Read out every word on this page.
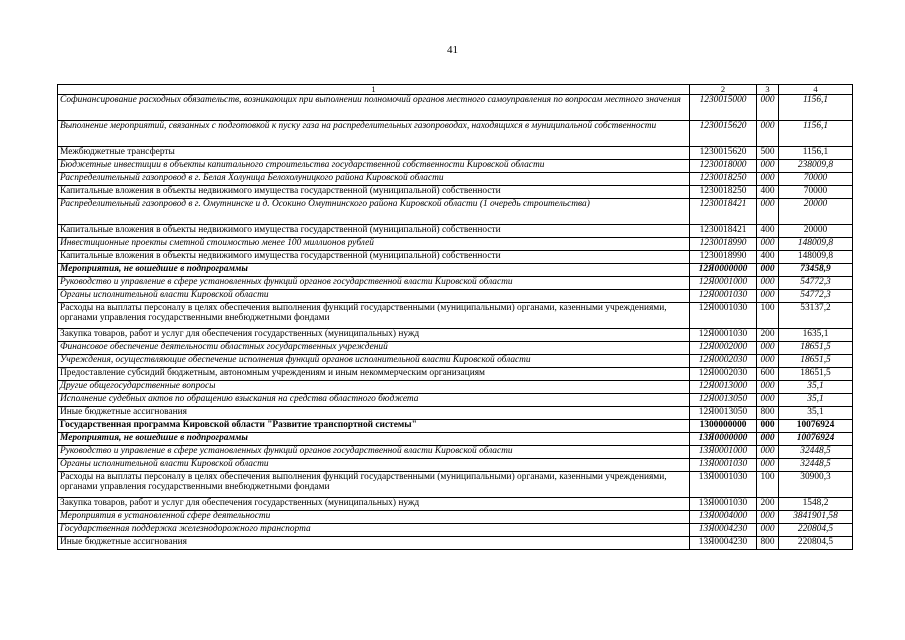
41
1	2	3	4
Софинансирование расходных обязательств, возникающих при выполнении полномочий органов местного самоуправления по вопросам местного значения	1230015000	000	1156,1
Выполнение мероприятий, связанных с подготовкой к пуску газа на распределительных газопроводах, находящихся в муниципальной собственности	1230015620	000	1156,1
Межбюджетные трансферты	1230015620	500	1156,1
Бюджетные инвестиции в объекты капитального строительства государственной собственности Кировской области	1230018000	000	238009,8
Распределительный газопровод в г. Белая Холуница Белохолуницкого района Кировской области	1230018250	000	70000
Капитальные вложения в объекты недвижимого имущества государственной (муниципальной) собственности	1230018250	400	70000
Распределительный газопровод в г. Омутнинске и д. Осокино Омутнинского района Кировской области (1 очередь строительства)	1230018421	000	20000
Капитальные вложения в объекты недвижимого имущества государственной (муниципальной) собственности	1230018421	400	20000
Инвестиционные проекты сметной стоимостью менее 100 миллионов рублей	1230018990	000	148009,8
Капитальные вложения в объекты недвижимого имущества государственной (муниципальной) собственности	1230018990	400	148009,8
Мероприятия, не вошедшие в подпрограммы	12Я0000000	000	73458,9
Руководство и управление в сфере установленных функций органов государственной власти Кировской области	12Я0001000	000	54772,3
Органы исполнительной власти Кировской области	12Я0001030	000	54772,3
Расходы на выплаты персоналу в целях обеспечения выполнения функций государственными (муниципальными) органами, казенными учреждениями, органами управления государственными внебюджетными фондами	12Я0001030	100	53137,2
Закупка товаров, работ и услуг для обеспечения государственных (муниципальных) нужд	12Я0001030	200	1635,1
Финансовое обеспечение деятельности областных государственных учреждений	12Я0002000	000	18651,5
Учреждения, осуществляющие обеспечение исполнения функций органов исполнительной власти Кировской области	12Я0002030	000	18651,5
Предоставление субсидий бюджетным, автономным учреждениям и иным некоммерческим организациям	12Я0002030	600	18651,5
Другие общегосударственные вопросы	12Я0013000	000	35,1
Исполнение судебных актов по обращению взыскания на средства областного бюджета	12Я0013050	000	35,1
Иные бюджетные ассигнования	12Я0013050	800	35,1
Государственная программа Кировской области "Развитие транспортной системы"	1300000000	000	10076924
Мероприятия, не вошедшие в подпрограммы	13Я0000000	000	10076924
Руководство и управление в сфере установленных функций органов государственной власти Кировской области	13Я0001000	000	32448,5
Органы исполнительной власти Кировской области	13Я0001030	000	32448,5
Расходы на выплаты персоналу в целях обеспечения выполнения функций государственными (муниципальными) органами, казенными учреждениями, органами управления государственными внебюджетными фондами	13Я0001030	100	30900,3
Закупка товаров, работ и услуг для обеспечения государственных (муниципальных) нужд	13Я0001030	200	1548,2
Мероприятия в установленной сфере деятельности	13Я0004000	000	3841901,58
Государственная поддержка железнодорожного транспорта	13Я0004230	000	220804,5
Иные бюджетные ассигнования	13Я0004230	800	220804,5
